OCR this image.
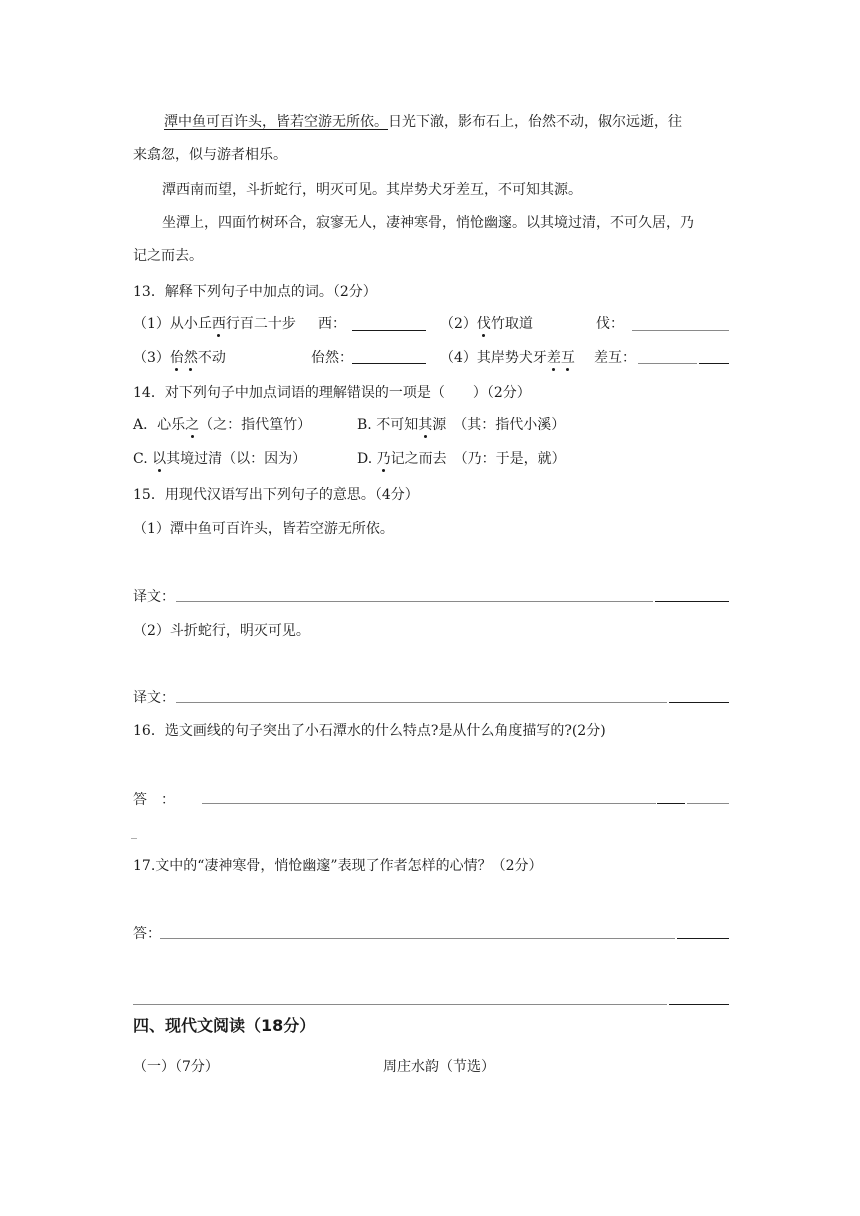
潭中鱼可百许头，皆若空游无所依。日光下澈，影布石上，佁然不动，俶尔远逝，往
来翕忽，似与游者相乐。
潭西南而望，斗折蛇行，明灭可见。其岸势犬牙差互，不可知其源。
坐潭上，四面竹树环合，寂寥无人，凄神寒骨，悄怆幽邃。以其境过清，不可久居，乃
记之而去。
13．解释下列句子中加点的词。（2分）
（1）从小丘西行百二十步 西：	（2）伐竹取道	伐：
（3）佁然不动	佁然：	（4）其岸势犬牙差互 差互：
14．对下列句子中加点词语的理解错误的一项是（　　）（2分）
A．心乐之（之：指代篁竹）	B. 不可知其源　（其：指代小溪）
C. 以其境过清（以：因为）	D. 乃记之而去　（乃：于是，就）
15．用现代汉语写出下列句子的意思。（4分）
（1）潭中鱼可百许头，皆若空游无所依。
译文：
（2）斗折蛇行，明灭可见。
译文：
16．选文画线的句子突出了小石潭水的什么特点?是从什么角度描写的?(2分)
答　：
_
17.文中的“凄神寒骨，悄怆幽邃”表现了作者怎样的心情？（2分）
答：
四、现代文阅读（18分）
（一）（7分）	周庄水韵（节选）
